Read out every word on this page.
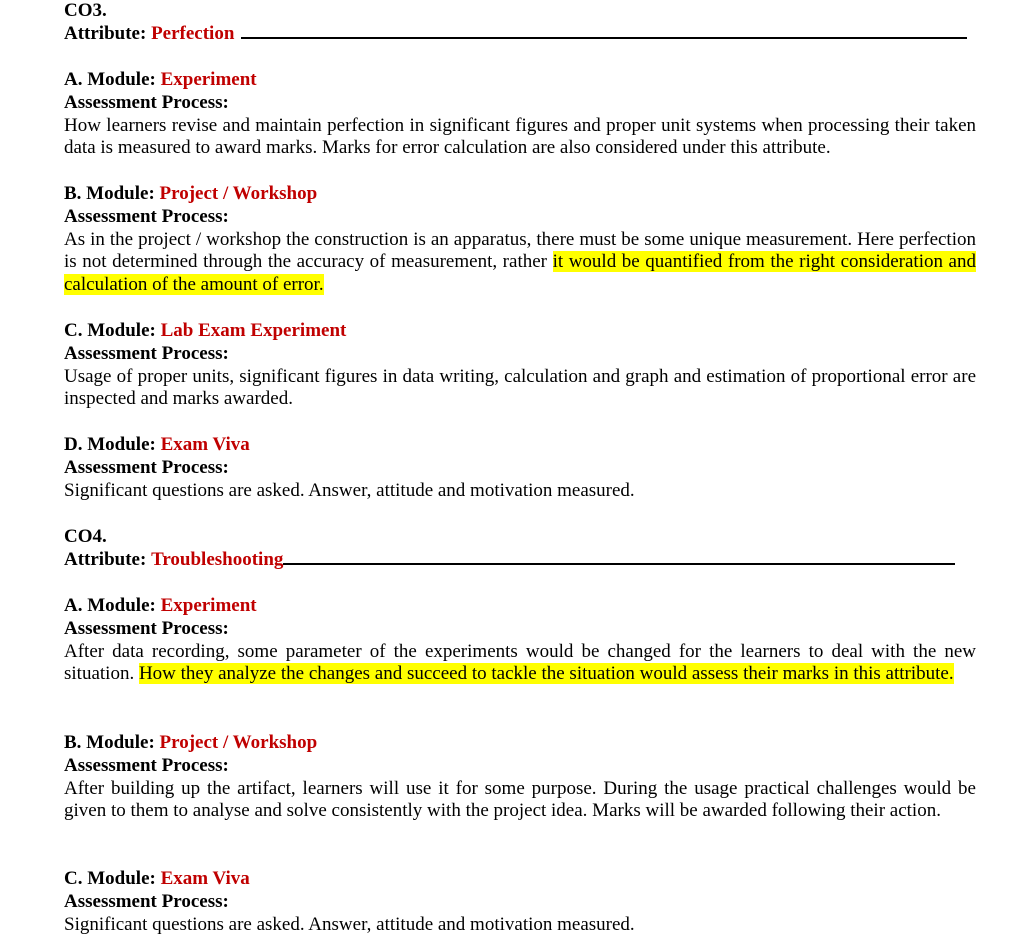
CO3.
Attribute: Perfection
A. Module: Experiment
Assessment Process:
How learners revise and maintain perfection in significant figures and proper unit systems when processing their taken data is measured to award marks. Marks for error calculation are also considered under this attribute.
B. Module: Project / Workshop
Assessment Process:
As in the project / workshop the construction is an apparatus, there must be some unique measurement. Here perfection is not determined through the accuracy of measurement, rather it would be quantified from the right consideration and calculation of the amount of error.
C. Module: Lab Exam Experiment
Assessment Process:
Usage of proper units, significant figures in data writing, calculation and graph and estimation of proportional error are inspected and marks awarded.
D. Module: Exam Viva
Assessment Process:
Significant questions are asked. Answer, attitude and motivation measured.
CO4.
Attribute: Troubleshooting
A. Module: Experiment
Assessment Process:
After data recording, some parameter of the experiments would be changed for the learners to deal with the new situation. How they analyze the changes and succeed to tackle the situation would assess their marks in this attribute.
B. Module: Project / Workshop
Assessment Process:
After building up the artifact, learners will use it for some purpose. During the usage practical challenges would be given to them to analyse and solve consistently with the project idea. Marks will be awarded following their action.
C. Module: Exam Viva
Assessment Process:
Significant questions are asked. Answer, attitude and motivation measured.
